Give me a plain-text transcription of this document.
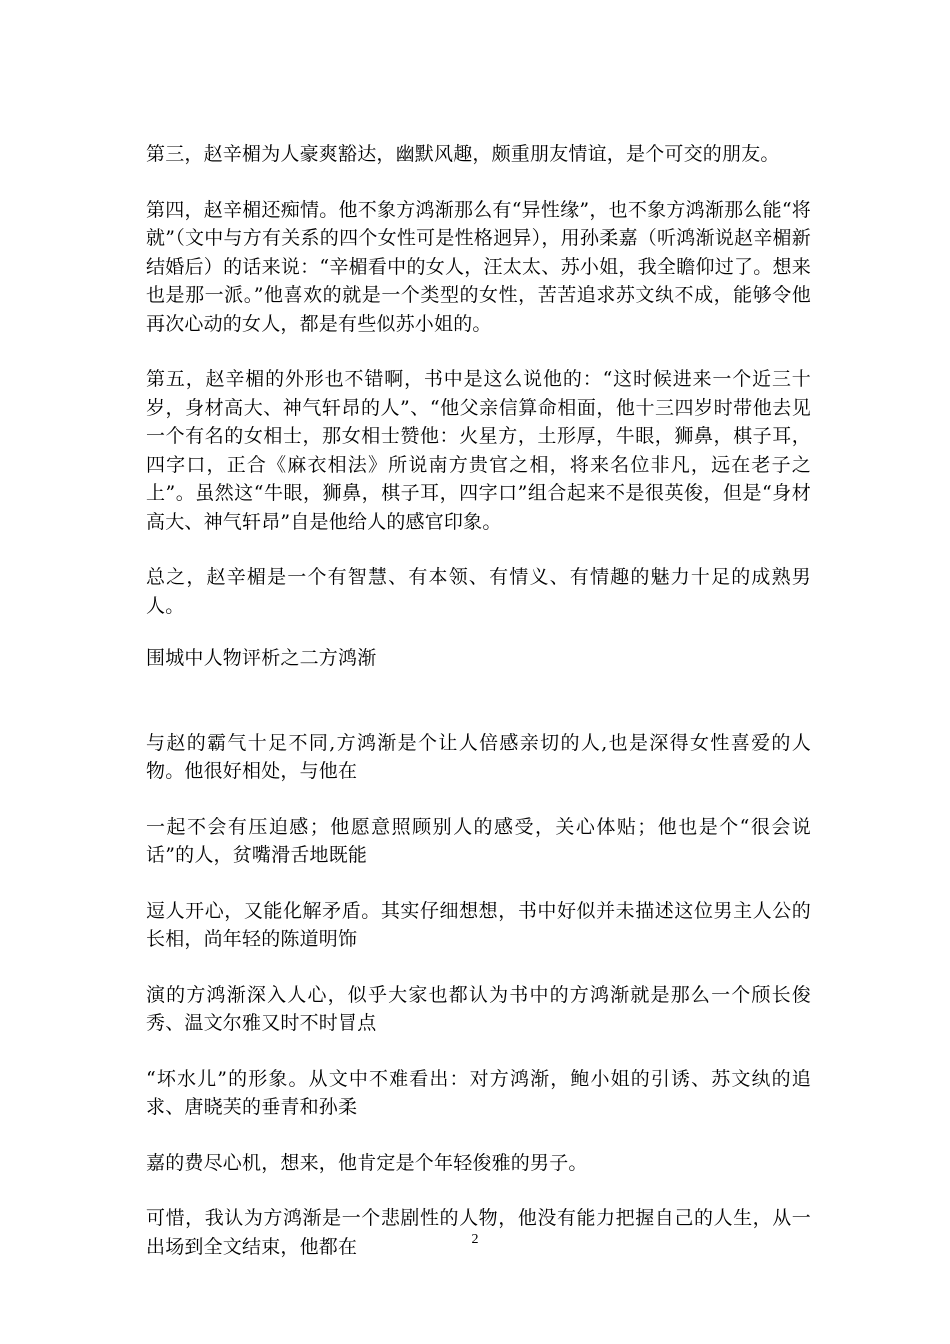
第三，赵辛楣为人豪爽豁达，幽默风趣，颇重朋友情谊，是个可交的朋友。

第四，赵辛楣还痴情。他不象方鸿渐那么有“异性缘”，也不象方鸿渐那么能“将就”（文中与方有关系的四个女性可是性格迥异），用孙柔嘉（听鸿渐说赵辛楣新结婚后）的话来说：“辛楣看中的女人，汪太太、苏小姐，我全瞻仰过了。想来也是那一派。”他喜欢的就是一个类型的女性，苦苦追求苏文纨不成，能够令他再次心动的女人，都是有些似苏小姐的。

第五，赵辛楣的外形也不错啊，书中是这么说他的：“这时候进来一个近三十岁，身材高大、神气轩昂的人”、“他父亲信算命相面，他十三四岁时带他去见一个有名的女相士，那女相士赞他：火星方，土形厚，牛眼，狮鼻，棋子耳，四字口，正合《麻衣相法》所说南方贵官之相，将来名位非凡，远在老子之上”。虽然这“牛眼，狮鼻，棋子耳，四字口”组合起来不是很英俊，但是“身材高大、神气轩昂”自是他给人的感官印象。

总之，赵辛楣是一个有智慧、有本领、有情义、有情趣的魅力十足的成熟男人。

围城中人物评析之二方鸿渐

与赵的霸气十足不同,方鸿渐是个让人倍感亲切的人,也是深得女性喜爱的人物。他很好相处，与他在

一起不会有压迫感；他愿意照顾别人的感受，关心体贴；他也是个“很会说话”的人，贫嘴滑舌地既能

逗人开心，又能化解矛盾。其实仔细想想，书中好似并未描述这位男主人公的长相，尚年轻的陈道明饰

演的方鸿渐深入人心，似乎大家也都认为书中的方鸿渐就是那么一个颀长俊秀、温文尔雅又时不时冒点

“坏水儿”的形象。从文中不难看出：对方鸿渐，鲍小姐的引诱、苏文纨的追求、唐晓芙的垂青和孙柔

嘉的费尽心机，想来，他肯定是个年轻俊雅的男子。

可惜，我认为方鸿渐是一个悲剧性的人物，他没有能力把握自己的人生，从一出场到全文结束，他都在	2
